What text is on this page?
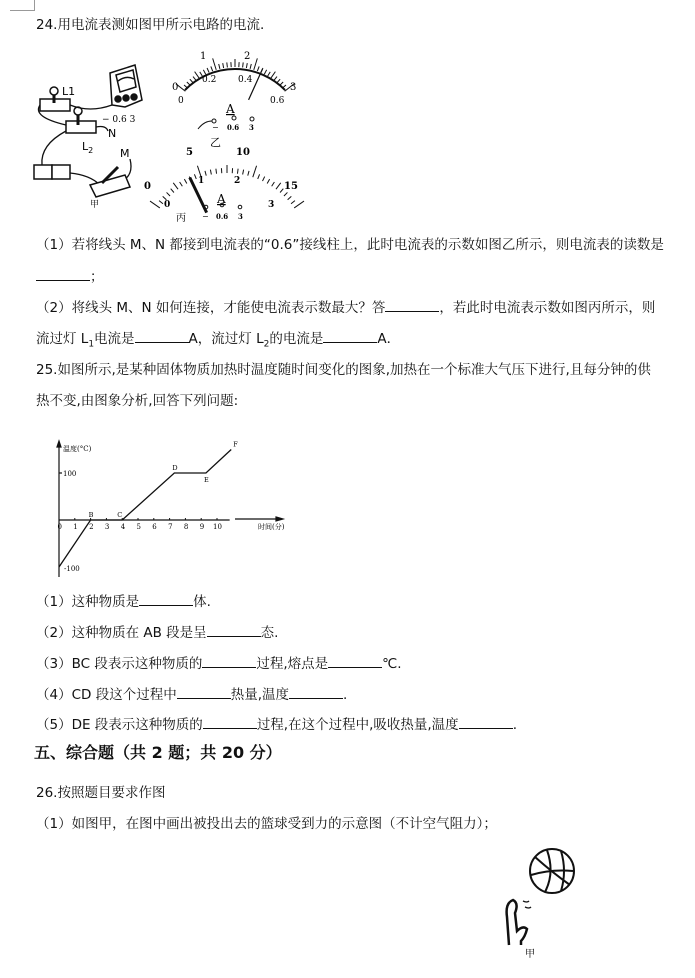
24.用电流表测如图甲所示电路的电流.
− 0.6 3
L1
$L_2$
N
M
甲
0
1	2
3
0
0.2 0.4
0.6
A
− 0.6 3
乙
0
5	10
15
0
1	2
3
A
− 0.6 3
丙
（1）若将线头 M、N 都接到电流表的“0.6”接线柱上，此时电流表的示数如图乙所示，则电流表的读数是
；
（2）将线头 M、N 如何连接，才能使电流表示数最大？答	，若此时电流表示数如图丙所示，则
流过灯 $L_1$电流是	A，流过灯 $L_2$的电流是	A．
25.如图所示,是某种固体物质加热时温度随时间变化的图象,加热在一个标准大气压下进行,且每分钟的供
热不变,由图象分析,回答下列问题:
0 1 2 3 4 5 6 7 8 9 10
温度(°C)
时间(分)
100
-100
B	C
D
E
F
（1）这种物质是	体.
（2）这种物质在 AB 段是呈	态.
（3）BC 段表示这种物质的	过程,熔点是	℃.
（4）CD 段这个过程中	热量,温度	.
（5）DE 段表示这种物质的	过程,在这个过程中,吸收热量,温度	.
五、综合题（共 2 题；共 20 分）
26.按照题目要求作图
（1）如图甲，在图中画出被投出去的篮球受到力的示意图（不计空气阻力）；
甲
